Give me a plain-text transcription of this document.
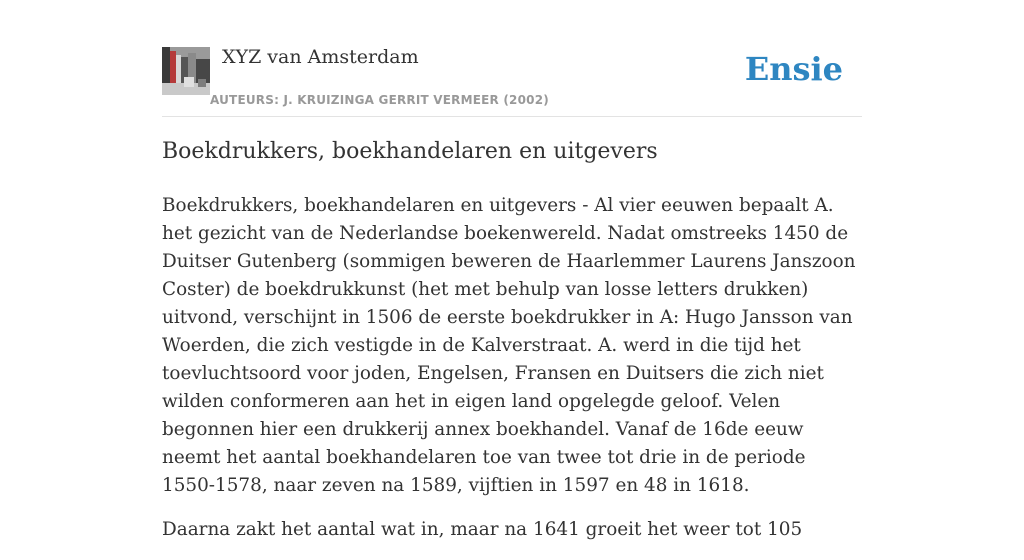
XYZ van Amsterdam
AUTEURS: J. KRUIZINGA GERRIT VERMEER (2002)
Ensie
Boekdrukkers, boekhandelaren en uitgevers

Boekdrukkers, boekhandelaren en uitgevers - Al vier eeuwen bepaalt A. het gezicht van de Nederlandse boekenwereld. Nadat omstreeks 1450 de Duitser Gutenberg (sommigen beweren de Haarlemmer Laurens Janszoon Coster) de boekdrukkunst (het met behulp van losse letters drukken) uitvond, verschijnt in 1506 de eerste boekdrukker in A: Hugo Jansson van Woerden, die zich vestigde in de Kalverstraat. A. werd in die tijd het toevluchtsoord voor joden, Engelsen, Fransen en Duitsers die zich niet wilden conformeren aan het in eigen land opgelegde geloof. Velen begonnen hier een drukkerij annex boekhandel. Vanaf de 16de eeuw neemt het aantal boekhandelaren toe van twee tot drie in de periode 1550-1578, naar zeven na 1589, vijftien in 1597 en 48 in 1618.

Daarna zakt het aantal wat in, maar na 1641 groeit het weer tot 105
